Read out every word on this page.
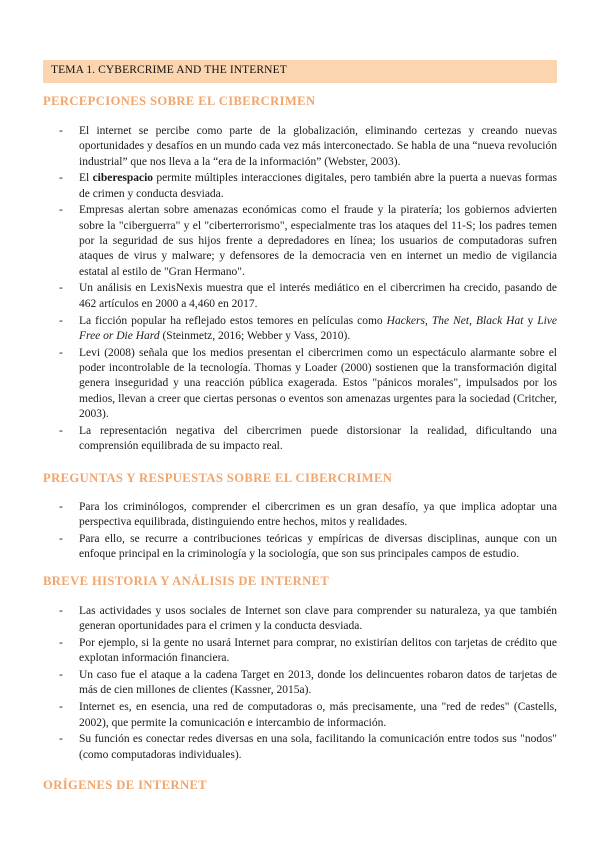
TEMA 1. CYBERCRIME AND THE INTERNET
PERCEPCIONES SOBRE EL CIBERCRIMEN
- El internet se percibe como parte de la globalización, eliminando certezas y creando nuevas oportunidades y desafíos en un mundo cada vez más interconectado. Se habla de una “nueva revolución industrial” que nos lleva a la “era de la información” (Webster, 2003).
- El ciberespacio permite múltiples interacciones digitales, pero también abre la puerta a nuevas formas de crimen y conducta desviada.
- Empresas alertan sobre amenazas económicas como el fraude y la piratería; los gobiernos advierten sobre la "ciberguerra" y el "ciberterrorismo", especialmente tras los ataques del 11-S; los padres temen por la seguridad de sus hijos frente a depredadores en línea; los usuarios de computadoras sufren ataques de virus y malware; y defensores de la democracia ven en internet un medio de vigilancia estatal al estilo de "Gran Hermano".
- Un análisis en LexisNexis muestra que el interés mediático en el cibercrimen ha crecido, pasando de 462 artículos en 2000 a 4,460 en 2017.
- La ficción popular ha reflejado estos temores en películas como Hackers, The Net, Black Hat y Live Free or Die Hard (Steinmetz, 2016; Webber y Vass, 2010).
- Levi (2008) señala que los medios presentan el cibercrimen como un espectáculo alarmante sobre el poder incontrolable de la tecnología. Thomas y Loader (2000) sostienen que la transformación digital genera inseguridad y una reacción pública exagerada. Estos "pánicos morales", impulsados por los medios, llevan a creer que ciertas personas o eventos son amenazas urgentes para la sociedad (Critcher, 2003).
- La representación negativa del cibercrimen puede distorsionar la realidad, dificultando una comprensión equilibrada de su impacto real.
PREGUNTAS Y RESPUESTAS SOBRE EL CIBERCRIMEN
- Para los criminólogos, comprender el cibercrimen es un gran desafío, ya que implica adoptar una perspectiva equilibrada, distinguiendo entre hechos, mitos y realidades.
- Para ello, se recurre a contribuciones teóricas y empíricas de diversas disciplinas, aunque con un enfoque principal en la criminología y la sociología, que son sus principales campos de estudio.
BREVE HISTORIA Y ANÁLISIS DE INTERNET
- Las actividades y usos sociales de Internet son clave para comprender su naturaleza, ya que también generan oportunidades para el crimen y la conducta desviada.
- Por ejemplo, si la gente no usará Internet para comprar, no existirían delitos con tarjetas de crédito que explotan información financiera.
- Un caso fue el ataque a la cadena Target en 2013, donde los delincuentes robaron datos de tarjetas de más de cien millones de clientes (Kassner, 2015a).
- Internet es, en esencia, una red de computadoras o, más precisamente, una "red de redes" (Castells, 2002), que permite la comunicación e intercambio de información.
- Su función es conectar redes diversas en una sola, facilitando la comunicación entre todos sus "nodos" (como computadoras individuales).
ORÍGENES DE INTERNET
